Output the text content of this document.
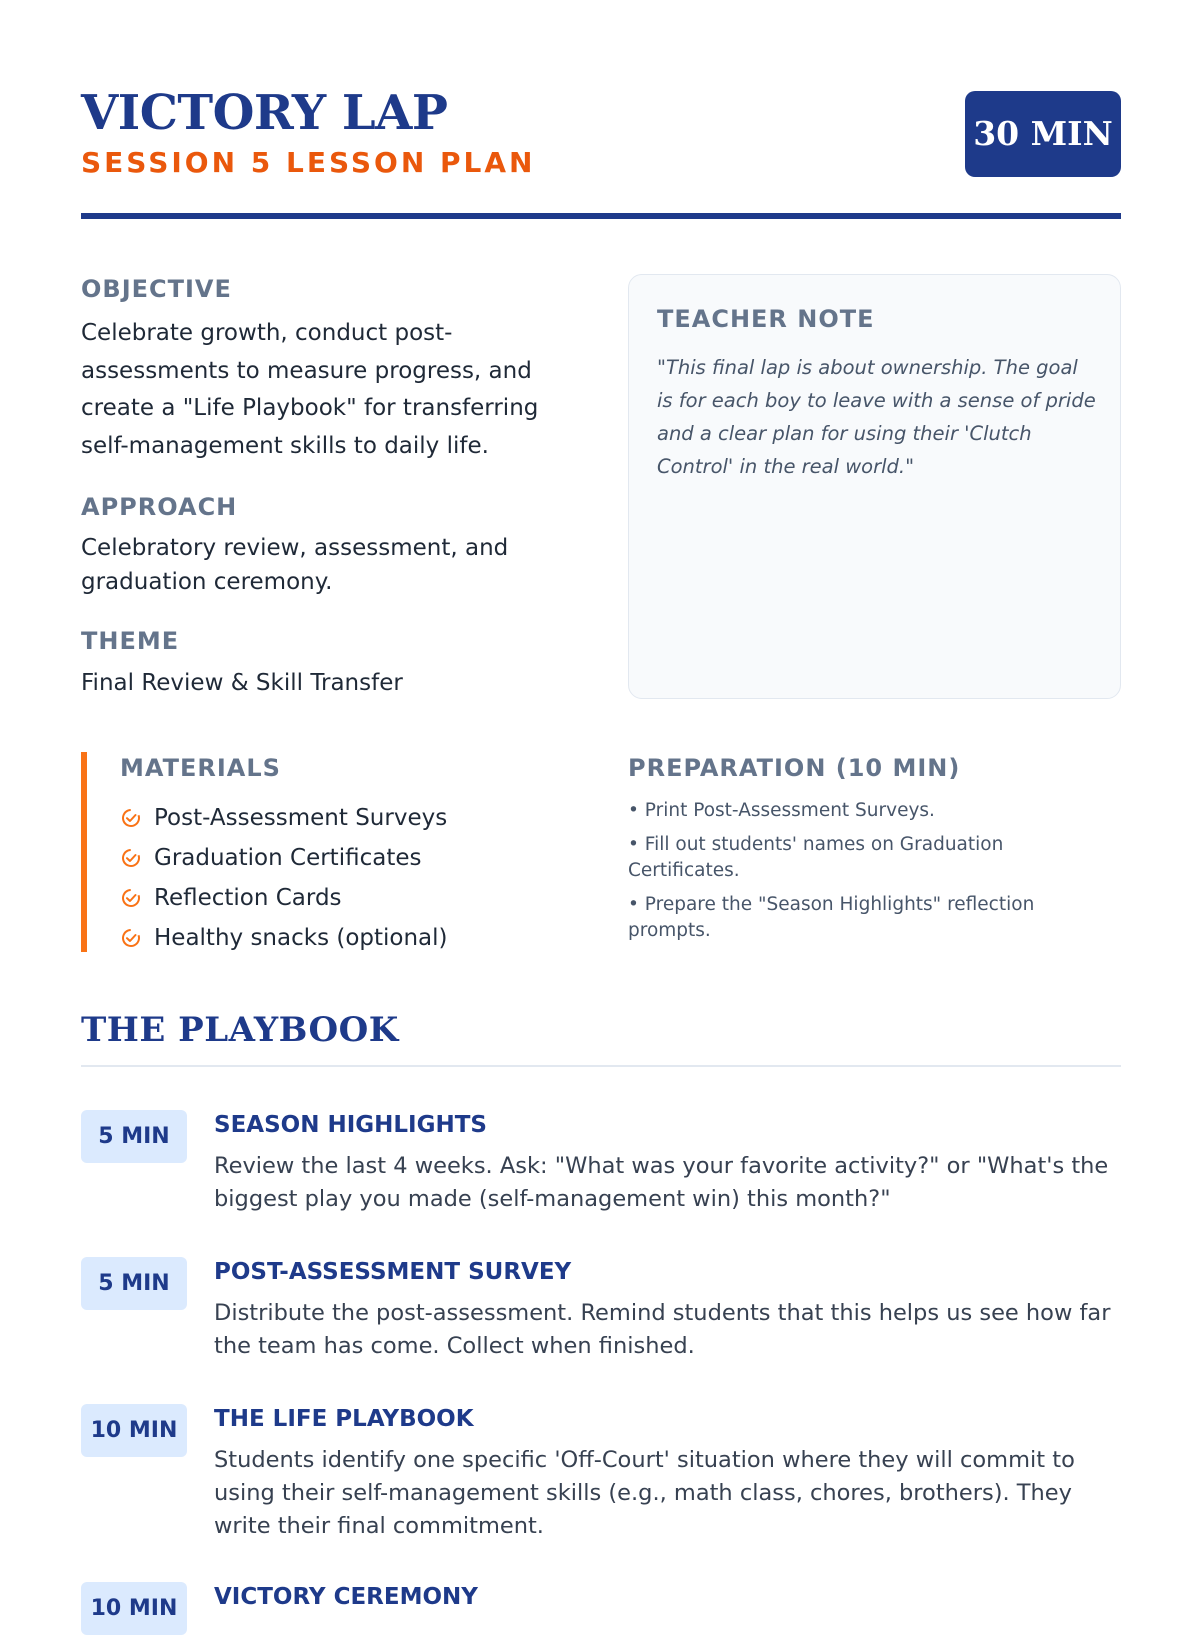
VICTORY LAP
SESSION 5 LESSON PLAN
30 MIN
OBJECTIVE
Celebrate growth, conduct post-assessments to measure progress, and create a "Life Playbook" for transferring self-management skills to daily life.
APPROACH
Celebratory review, assessment, and graduation ceremony.
THEME
Final Review & Skill Transfer
TEACHER NOTE
"This final lap is about ownership. The goal is for each boy to leave with a sense of pride and a clear plan for using their 'Clutch Control' in the real world."
MATERIALS
Post-Assessment Surveys
Graduation Certificates
Reflection Cards
Healthy snacks (optional)
PREPARATION (10 MIN)
• Print Post-Assessment Surveys.
• Fill out students' names on Graduation Certificates.
• Prepare the "Season Highlights" reflection prompts.
THE PLAYBOOK
5 MIN	SEASON HIGHLIGHTS
Review the last 4 weeks. Ask: "What was your favorite activity?" or "What's the biggest play you made (self-management win) this month?"
5 MIN	POST-ASSESSMENT SURVEY
Distribute the post-assessment. Remind students that this helps us see how far the team has come. Collect when finished.
10 MIN	THE LIFE PLAYBOOK
Students identify one specific 'Off-Court' situation where they will commit to using their self-management skills (e.g., math class, chores, brothers). They write their final commitment.
10 MIN	VICTORY CEREMONY
